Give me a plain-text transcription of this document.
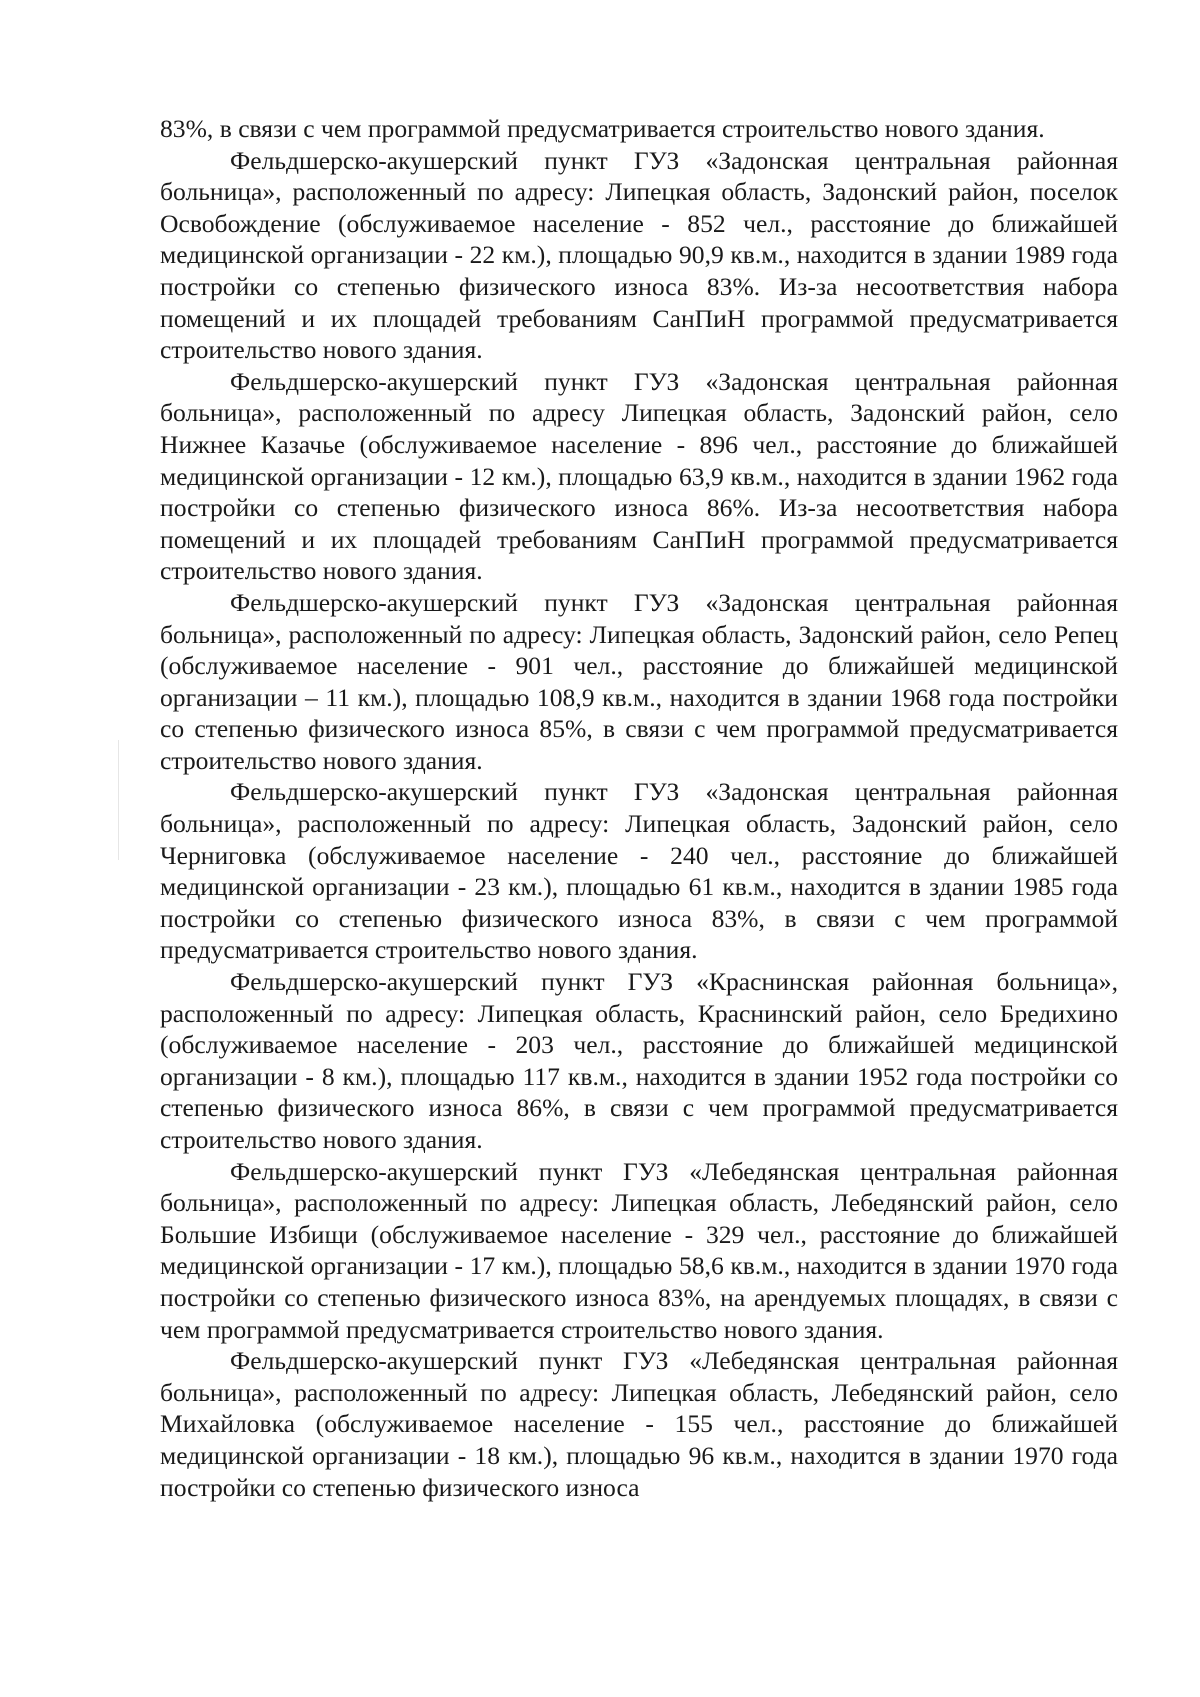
83%, в связи с чем программой предусматривается строительство нового здания.

Фельдшерско-акушерский пункт ГУЗ «Задонская центральная районная больница», расположенный по адресу: Липецкая область, Задонский район, поселок Освобождение (обслуживаемое население - 852 чел., расстояние до ближайшей медицинской организации - 22 км.), площадью 90,9 кв.м., находится в здании 1989 года постройки со степенью физического износа 83%. Из-за несоответствия набора помещений и их площадей требованиям СанПиН программой предусматривается строительство нового здания.

Фельдшерско-акушерский пункт ГУЗ «Задонская центральная районная больница», расположенный по адресу Липецкая область, Задонский район, село Нижнее Казачье (обслуживаемое население - 896 чел., расстояние до ближайшей медицинской организации - 12 км.), площадью 63,9 кв.м., находится в здании 1962 года постройки со степенью физического износа 86%. Из-за несоответствия набора помещений и их площадей требованиям СанПиН программой предусматривается строительство нового здания.

Фельдшерско-акушерский пункт ГУЗ «Задонская центральная районная больница», расположенный по адресу: Липецкая область, Задонский район, село Репец (обслуживаемое население - 901 чел., расстояние до ближайшей медицинской организации – 11 км.), площадью 108,9 кв.м., находится в здании 1968 года постройки со степенью физического износа 85%, в связи с чем программой предусматривается строительство нового здания.

Фельдшерско-акушерский пункт ГУЗ «Задонская центральная районная больница», расположенный по адресу: Липецкая область, Задонский район, село Черниговка (обслуживаемое население - 240 чел., расстояние до ближайшей медицинской организации - 23 км.), площадью 61 кв.м., находится в здании 1985 года постройки со степенью физического износа 83%, в связи с чем программой предусматривается строительство нового здания.

Фельдшерско-акушерский пункт ГУЗ «Краснинская районная больница», расположенный по адресу: Липецкая область, Краснинский район, село Бредихино (обслуживаемое население - 203 чел., расстояние до ближайшей медицинской организации - 8 км.), площадью 117 кв.м., находится в здании 1952 года постройки со степенью физического износа 86%, в связи с чем программой предусматривается строительство нового здания.

Фельдшерско-акушерский пункт ГУЗ «Лебедянская центральная районная больница», расположенный по адресу: Липецкая область, Лебедянский район, село Большие Избищи (обслуживаемое население - 329 чел., расстояние до ближайшей медицинской организации - 17 км.), площадью 58,6 кв.м., находится в здании 1970 года постройки со степенью физического износа 83%, на арендуемых площадях, в связи с чем программой предусматривается строительство нового здания.

Фельдшерско-акушерский пункт ГУЗ «Лебедянская центральная районная больница», расположенный по адресу: Липецкая область, Лебедянский район, село Михайловка (обслуживаемое население - 155 чел., расстояние до ближайшей медицинской организации - 18 км.), площадью 96 кв.м., находится в здании 1970 года постройки со степенью физического износа
